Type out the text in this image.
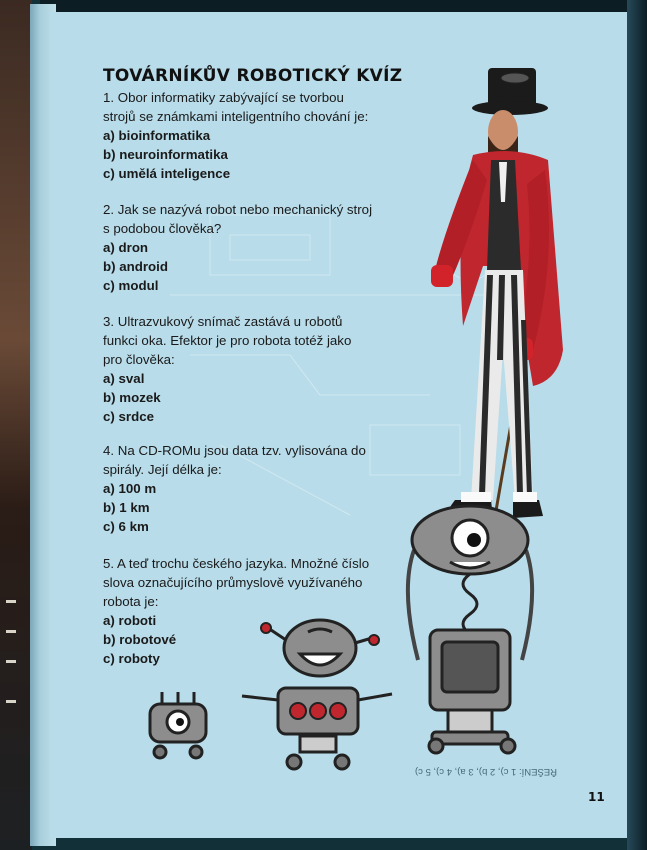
TOVÁRNÍKŮV ROBOTICKÝ KVÍZ

1. Obor informatiky zabývající se tvorbou

strojů se známkami inteligentního chování je:

a) bioinformatika

b) neuroinformatika

c) umělá inteligence

2. Jak se nazývá robot nebo mechanický stroj

s podobou člověka?

a) dron

b) android

c) modul

3. Ultrazvukový snímač zastává u robotů

funkci oka. Efektor je pro robota totéž jako

pro člověka:

a) sval

b) mozek

c) srdce

4. Na CD-ROMu jsou data tzv. vylisována do

spirály. Její délka je:

a) 100 m

b) 1 km

c) 6 km

5. A teď trochu českého jazyka. Množné číslo

slova označujícího průmyslově využívaného

robota je:

a) roboti

b) robotové

c) roboty

ŘEŠENÍ: 1 c), 2 b), 3 a), 4 c), 5 c)
11
